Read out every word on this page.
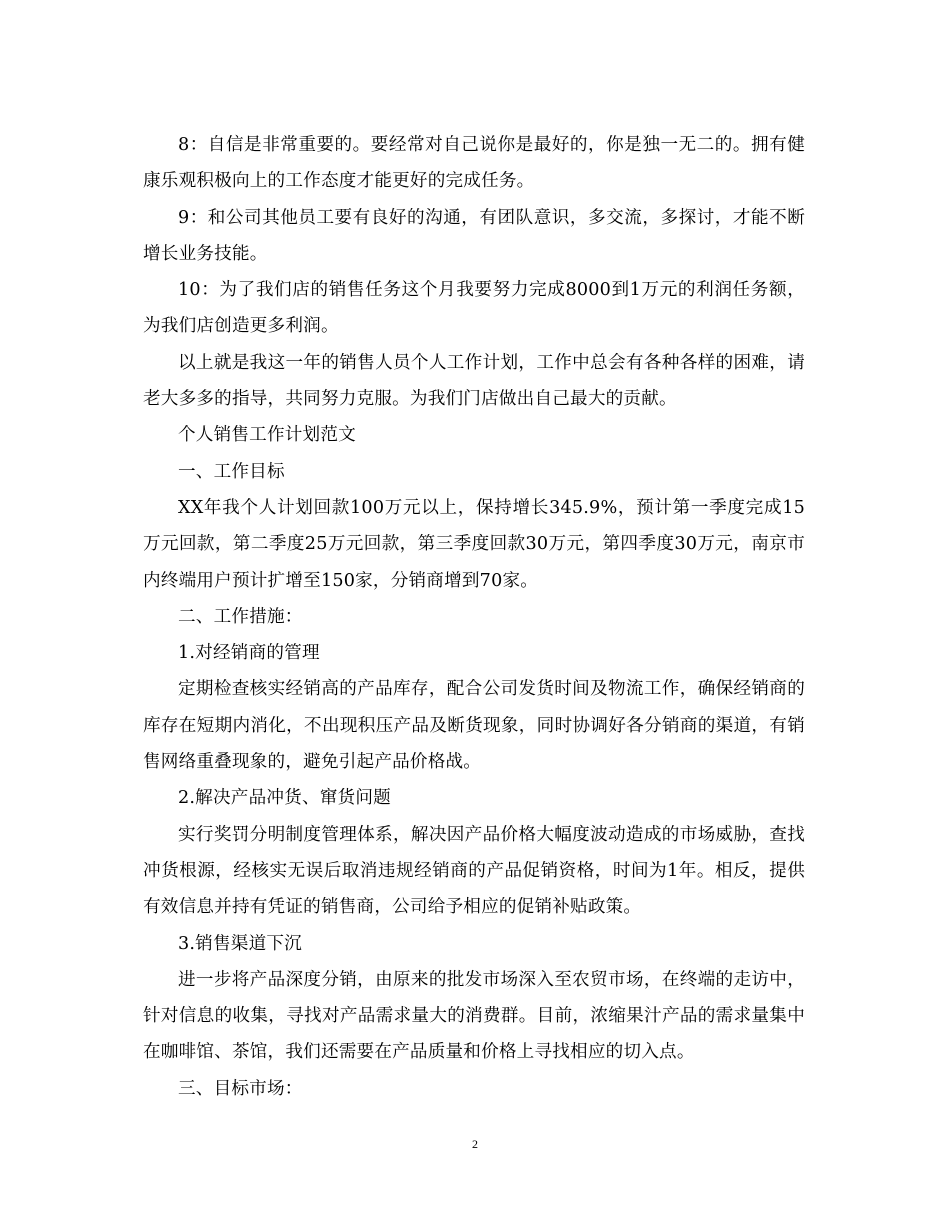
8：自信是非常重要的。要经常对自己说你是最好的，你是独一无二的。拥有健康乐观积极向上的工作态度才能更好的完成任务。

9：和公司其他员工要有良好的沟通，有团队意识，多交流，多探讨，才能不断增长业务技能。

10：为了我们店的销售任务这个月我要努力完成8000到1万元的利润任务额，为我们店创造更多利润。

以上就是我这一年的销售人员个人工作计划，工作中总会有各种各样的困难，请老大多多的指导，共同努力克服。为我们门店做出自己最大的贡献。

个人销售工作计划范文

一、工作目标

XX年我个人计划回款100万元以上，保持增长345.9%，预计第一季度完成15万元回款，第二季度25万元回款，第三季度回款30万元，第四季度30万元，南京市内终端用户预计扩增至150家，分销商增到70家。

二、工作措施：

1.对经销商的管理

定期检查核实经销高的产品库存，配合公司发货时间及物流工作，确保经销商的库存在短期内消化，不出现积压产品及断货现象，同时协调好各分销商的渠道，有销售网络重叠现象的，避免引起产品价格战。

2.解决产品冲货、窜货问题

实行奖罚分明制度管理体系，解决因产品价格大幅度波动造成的市场威胁，查找冲货根源，经核实无误后取消违规经销商的产品促销资格，时间为1年。相反，提供有效信息并持有凭证的销售商，公司给予相应的促销补贴政策。

3.销售渠道下沉

进一步将产品深度分销，由原来的批发市场深入至农贸市场，在终端的走访中，针对信息的收集，寻找对产品需求量大的消费群。目前，浓缩果汁产品的需求量集中在咖啡馆、茶馆，我们还需要在产品质量和价格上寻找相应的切入点。

三、目标市场：

2
